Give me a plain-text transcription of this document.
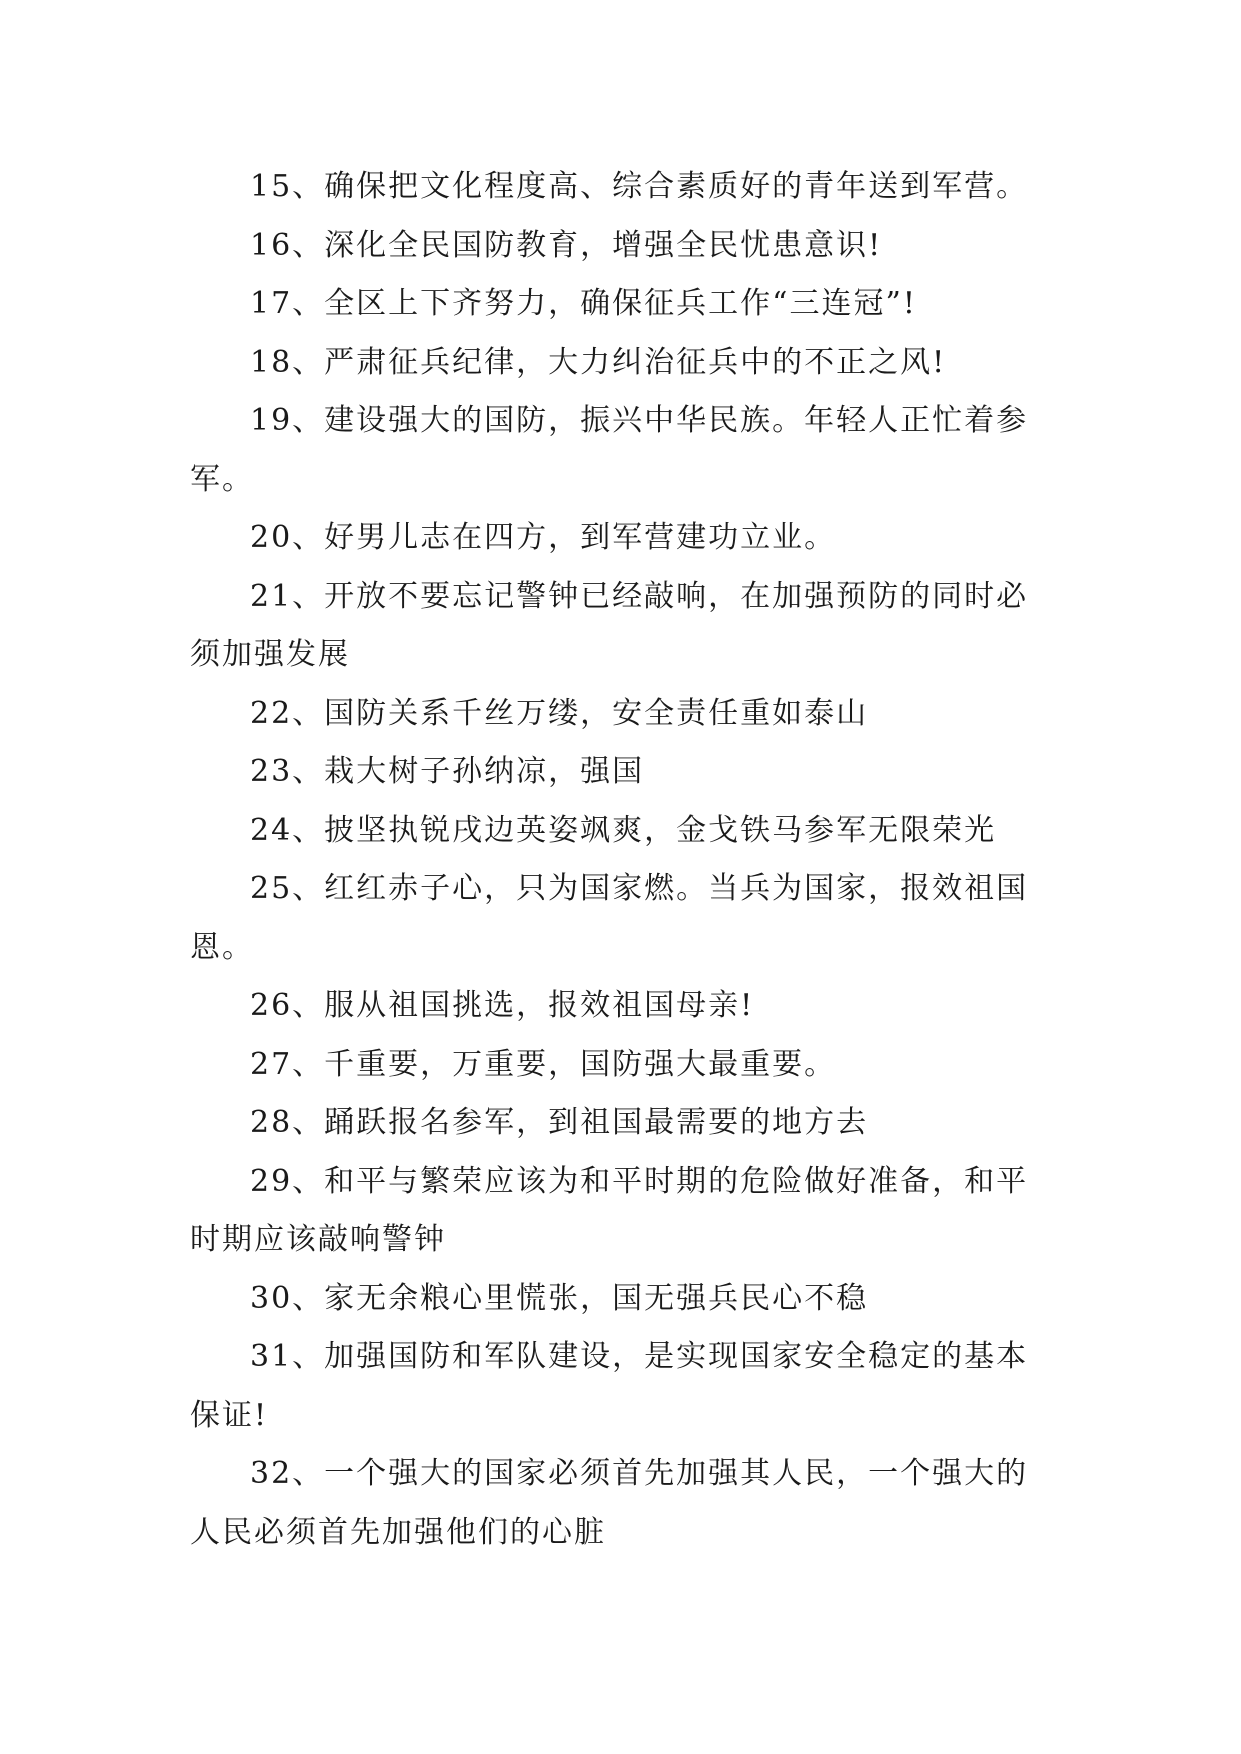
15、确保把文化程度高、综合素质好的青年送到军营。

16、深化全民国防教育，增强全民忧患意识!

17、全区上下齐努力，确保征兵工作“三连冠”!

18、严肃征兵纪律，大力纠治征兵中的不正之风!

19、建设强大的国防，振兴中华民族。年轻人正忙着参军。

20、好男儿志在四方，到军营建功立业。

21、开放不要忘记警钟已经敲响，在加强预防的同时必须加强发展

22、国防关系千丝万缕，安全责任重如泰山

23、栽大树子孙纳凉，强国

24、披坚执锐戌边英姿飒爽，金戈铁马参军无限荣光

25、红红赤子心，只为国家燃。当兵为国家，报效祖国恩。

26、服从祖国挑选，报效祖国母亲!

27、千重要，万重要，国防强大最重要。

28、踊跃报名参军，到祖国最需要的地方去

29、和平与繁荣应该为和平时期的危险做好准备，和平时期应该敲响警钟

30、家无余粮心里慌张，国无强兵民心不稳

31、加强国防和军队建设，是实现国家安全稳定的基本保证!

32、一个强大的国家必须首先加强其人民，一个强大的人民必须首先加强他们的心脏
